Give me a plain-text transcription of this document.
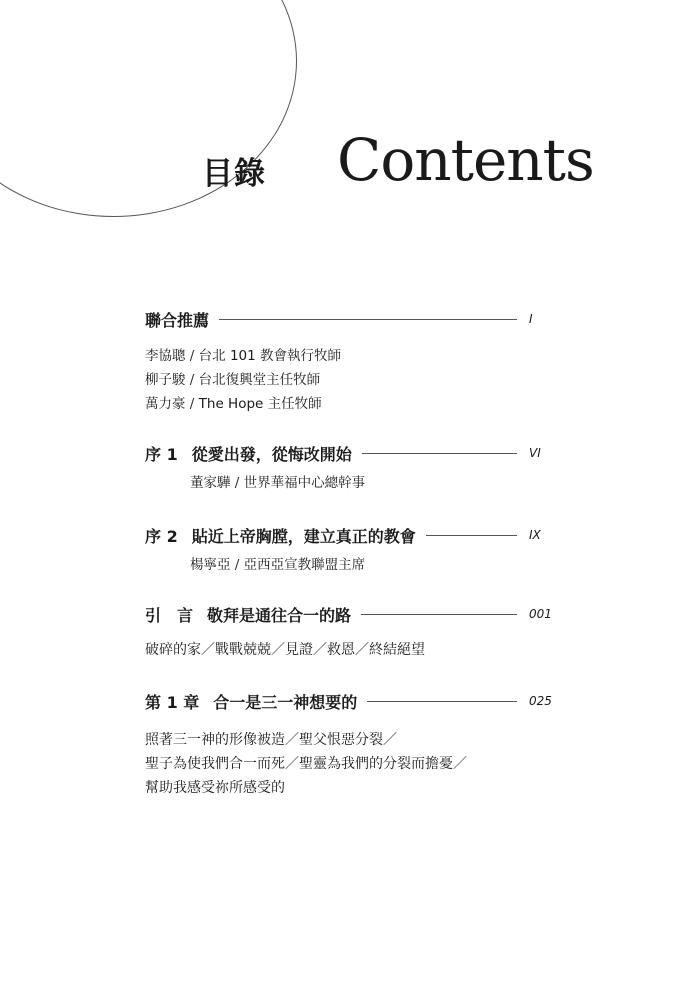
目錄 Contents
聯合推薦	I
李協聰 / 台北 101 教會執行牧師
柳子駿 / 台北復興堂主任牧師
萬力豪 / The Hope 主任牧師
序 1 從愛出發，從悔改開始	VI
董家驊 / 世界華福中心總幹事
序 2 貼近上帝胸膛，建立真正的教會	IX
楊寧亞 / 亞西亞宣教聯盟主席
引　言 敬拜是通往合一的路	001
破碎的家／戰戰兢兢／見證／救恩／終結絕望
第 1 章 合一是三一神想要的	025
照著三一神的形像被造／聖父恨惡分裂／
聖子為使我們合一而死／聖靈為我們的分裂而擔憂／
幫助我感受祢所感受的
